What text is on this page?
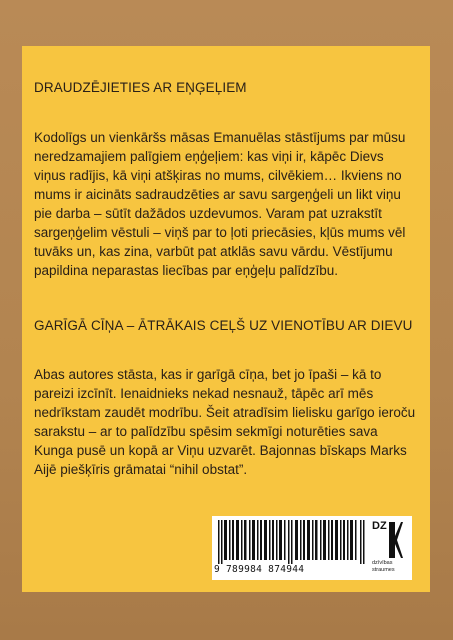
DRAUDZĒJIETIES AR EŅĢEĻIEM

Kodolīgs un vienkāršs māsas Emanuēlas stāstījums par mūsu neredzamajiem palīgiem eņģeļiem: kas viņi ir, kāpēc Dievs viņus radījis, kā viņi atšķiras no mums, cilvēkiem… Ikviens no mums ir aicināts sadraudzēties ar savu sargeņģeli un likt viņu pie darba – sūtīt dažādos uzdevumos. Varam pat uzrakstīt sargeņģelim vēstuli – viņš par to ļoti priecāsies, kļūs mums vēl tuvāks un, kas zina, varbūt pat atklās savu vārdu. Vēstījumu papildina neparastas liecības par eņģeļu palīdzību.

GARĪGĀ CĪŅA – ĀTRĀKAIS CEĻŠ UZ VIENOTĪBU AR DIEVU

Abas autores stāsta, kas ir garīgā cīņa, bet jo īpaši – kā to pareizi izcīnīt. Ienaidnieks nekad nesnauž, tāpēc arī mēs nedrīkstam zaudēt modrību. Šeit atradīsim lielisku garīgo ieroču sarakstu – ar to palīdzību spēsim sekmīgi noturēties sava Kunga pusē un kopā ar Viņu uzvarēt. Bajonnas bīskaps Marks Aijē piešķīris grāmatai “nihil obstat”.

9 789984 874944
DZ
dzīvības
straumes
